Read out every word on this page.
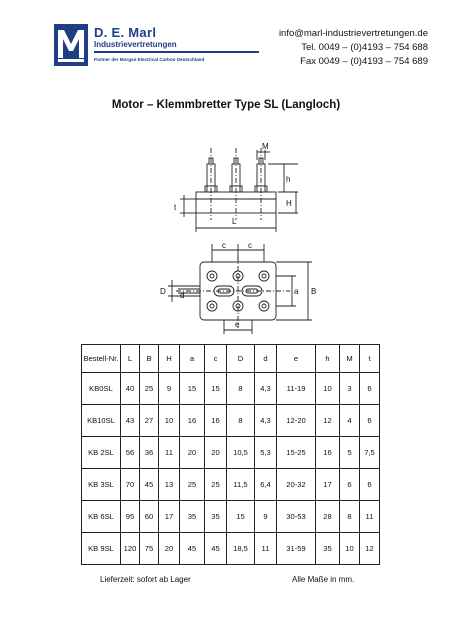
D. E. Marl
Industrievertretungen
Partner der Morgan Electrical Carbon Deutschland
info@marl-industrievertretungen.de
Tel. 0049 – (0)4193 – 754 688
Fax 0049 – (0)4193 – 754 689
Motor – Klemmbretter Type SL (Langloch)
M
h
H
t
L
c	c
D d	a B
e
Bestell-Nr.	L	B	H	a	c	D	d	e	h	M	t
KB0SL	40	25	9	15	15	8	4,3	11-19	10	3	6
KB10SL	43	27	10	16	16	8	4,3	12-20	12	4	6
KB 2SL	56	36	11	20	20	10,5	5,3	15-25	16	5	7,5
KB 3SL	70	45	13	25	25	11,5	6,4	20-32	17	6	6
KB 6SL	95	60	17	35	35	15	9	30-53	28	8	11
KB 9SL	120	75	20	45	45	18,5	11	31-59	35	10	12
Lieferzeit: sofort ab Lager	Alle Maße in mm.
